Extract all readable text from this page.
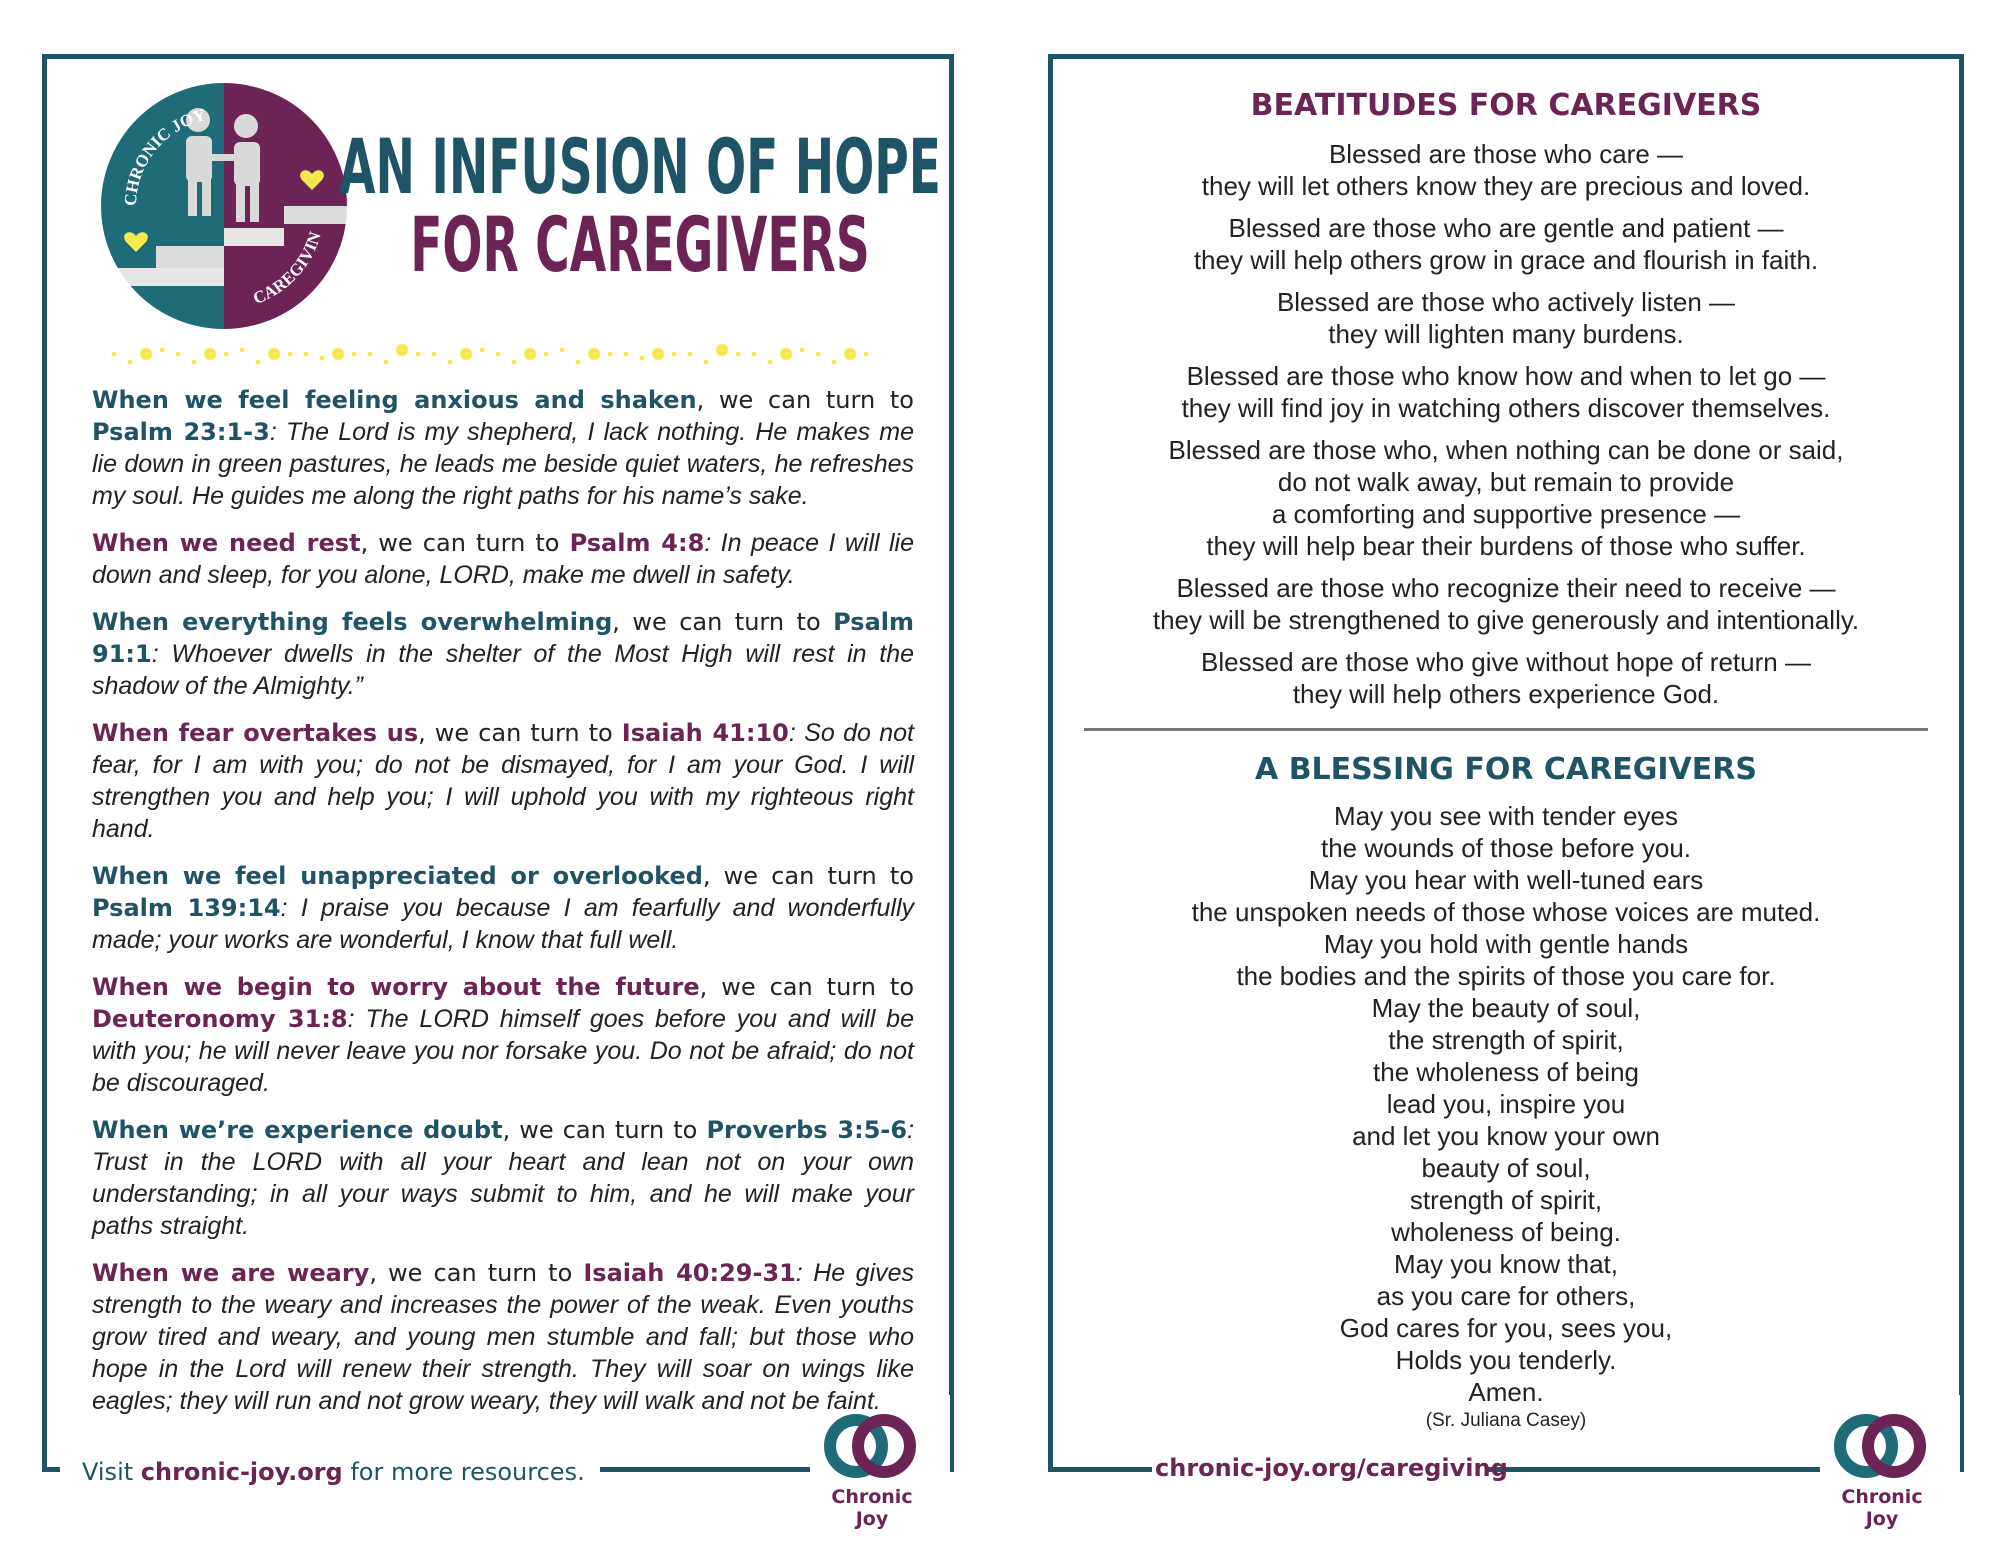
CHRONIC JOY
CAREGIVIN
AN INFUSION OF HOPE
FOR CAREGIVERS
When we feel feeling anxious and shaken, we can turn to Psalm 23:1-3: The Lord is my shepherd, I lack nothing. He makes me lie down in green pastures, he leads me beside quiet waters, he refreshes my soul. He guides me along the right paths for his name’s sake.
When we need rest, we can turn to Psalm 4:8: In peace I will lie down and sleep, for you alone, LORD, make me dwell in safety.
When everything feels overwhelming, we can turn to Psalm 91:1: Whoever dwells in the shelter of the Most High will rest in the shadow of the Almighty.”
When fear overtakes us, we can turn to Isaiah 41:10: So do not fear, for I am with you; do not be dismayed, for I am your God. I will strengthen you and help you; I will uphold you with my righteous right hand.
When we feel unappreciated or overlooked, we can turn to Psalm 139:14: I praise you because I am fearfully and wonderfully made; your works are wonderful, I know that full well.
When we begin to worry about the future, we can turn to Deuteronomy 31:8: The LORD himself goes before you and will be with you; he will never leave you nor forsake you. Do not be afraid; do not be discouraged.
When we’re experience doubt, we can turn to Proverbs 3:5-6: Trust in the LORD with all your heart and lean not on your own understanding; in all your ways submit to him, and he will make your paths straight.
When we are weary, we can turn to Isaiah 40:29-31: He gives strength to the weary and increases the power of the weak. Even youths grow tired and weary, and young men stumble and fall; but those who hope in the Lord will renew their strength. They will soar on wings like eagles; they will run and not grow weary, they will walk and not be faint.
Visit chronic-joy.org for more resources.
Chronic Joy
BEATITUDES FOR CAREGIVERS
Blessed are those who care —
they will let others know they are precious and loved.
Blessed are those who are gentle and patient —
they will help others grow in grace and flourish in faith.
Blessed are those who actively listen —
they will lighten many burdens.
Blessed are those who know how and when to let go —
they will find joy in watching others discover themselves.
Blessed are those who, when nothing can be done or said,
do not walk away, but remain to provide
a comforting and supportive presence —
they will help bear their burdens of those who suffer.
Blessed are those who recognize their need to receive —
they will be strengthened to give generously and intentionally.
Blessed are those who give without hope of return —
they will help others experience God.
A BLESSING FOR CAREGIVERS
May you see with tender eyes
the wounds of those before you.
May you hear with well-tuned ears
the unspoken needs of those whose voices are muted.
May you hold with gentle hands
the bodies and the spirits of those you care for.
May the beauty of soul,
the strength of spirit,
the wholeness of being
lead you, inspire you
and let you know your own
beauty of soul,
strength of spirit,
wholeness of being.
May you know that,
as you care for others,
God cares for you, sees you,
Holds you tenderly.
Amen.
(Sr. Juliana Casey)
chronic-joy.org/caregiving
Chronic Joy
